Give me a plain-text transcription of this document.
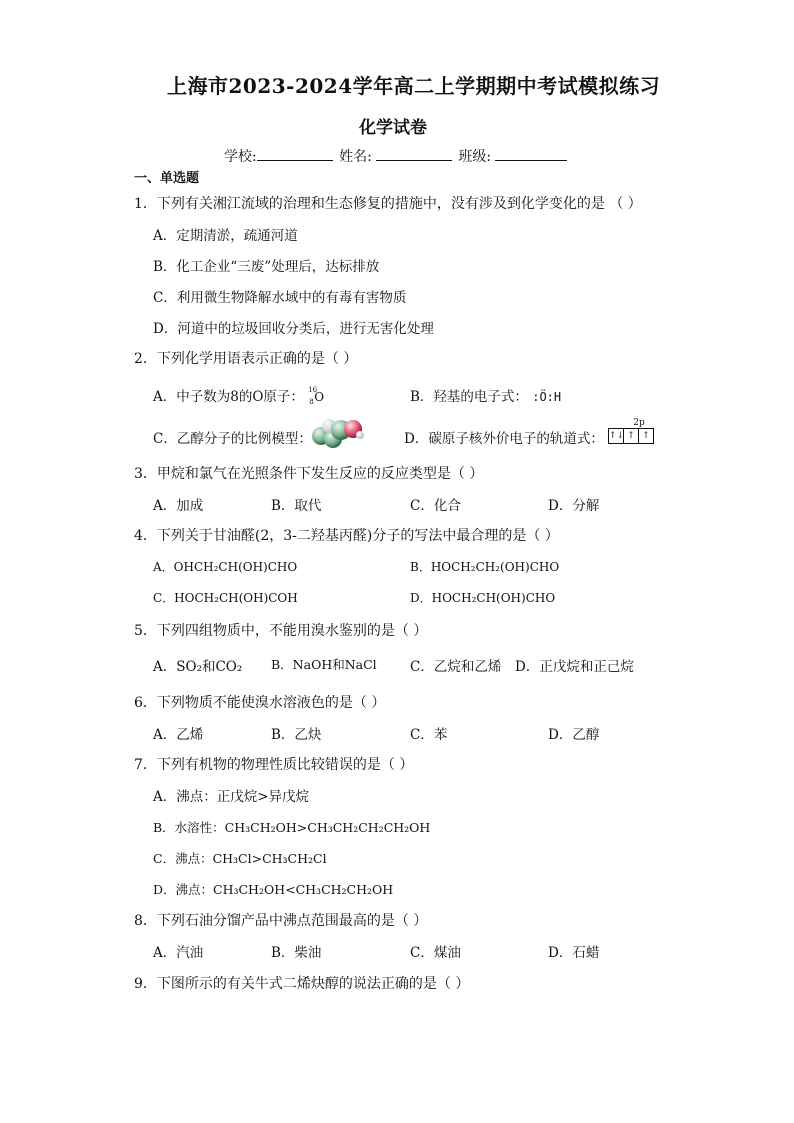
上海市2023-2024学年高二上学期期中考试模拟练习
化学试卷
学校:	姓名:	班级:
一、单选题
1．下列有关湘江流域的治理和生态修复的措施中，没有涉及到化学变化的是 （ ）
A．定期清淤，疏通河道
B．化工企业“三废”处理后，达标排放
C．利用微生物降解水域中的有毒有害物质
D．河道中的垃圾回收分类后，进行无害化处理
2．下列化学用语表示正确的是（ ）
A．中子数为8的O原子： 16
8 O	B．羟基的电子式： :Ö:H
C．乙醇分子的比例模型：	D．碳原子核外价电子的轨道式：
2p
↑↓ ↑ ↑
3．甲烷和氯气在光照条件下发生反应的反应类型是（ ）
A．加成	B．取代	C．化合	D．分解
4．下列关于甘油醛(2，3-二羟基丙醛)分子的写法中最合理的是（ ）
A．OHCH₂CH(OH)CHO	B．HOCH₂CH₂(OH)CHO
C．HOCH₂CH(OH)COH	D．HOCH₂CH(OH)CHO
5．下列四组物质中，不能用溴水鉴别的是（ ）
A．SO₂和CO₂ B．NaOH和NaCl C．乙烷和乙烯 D．正戊烷和正己烷
6．下列物质不能使溴水溶液色的是（ ）
A．乙烯	B．乙炔	C．苯	D．乙醇
7．下列有机物的物理性质比较错误的是（ ）
A．沸点：正戊烷>异戊烷
B．水溶性：CH₃CH₂OH>CH₃CH₂CH₂CH₂OH
C．沸点：CH₃Cl>CH₃CH₂Cl
D．沸点：CH₃CH₂OH<CH₃CH₂CH₂OH
8．下列石油分馏产品中沸点范围最高的是（ ）
A．汽油	B．柴油	C．煤油	D．石蜡
9．下图所示的有关牛式二烯炔醇的说法正确的是（ ）
